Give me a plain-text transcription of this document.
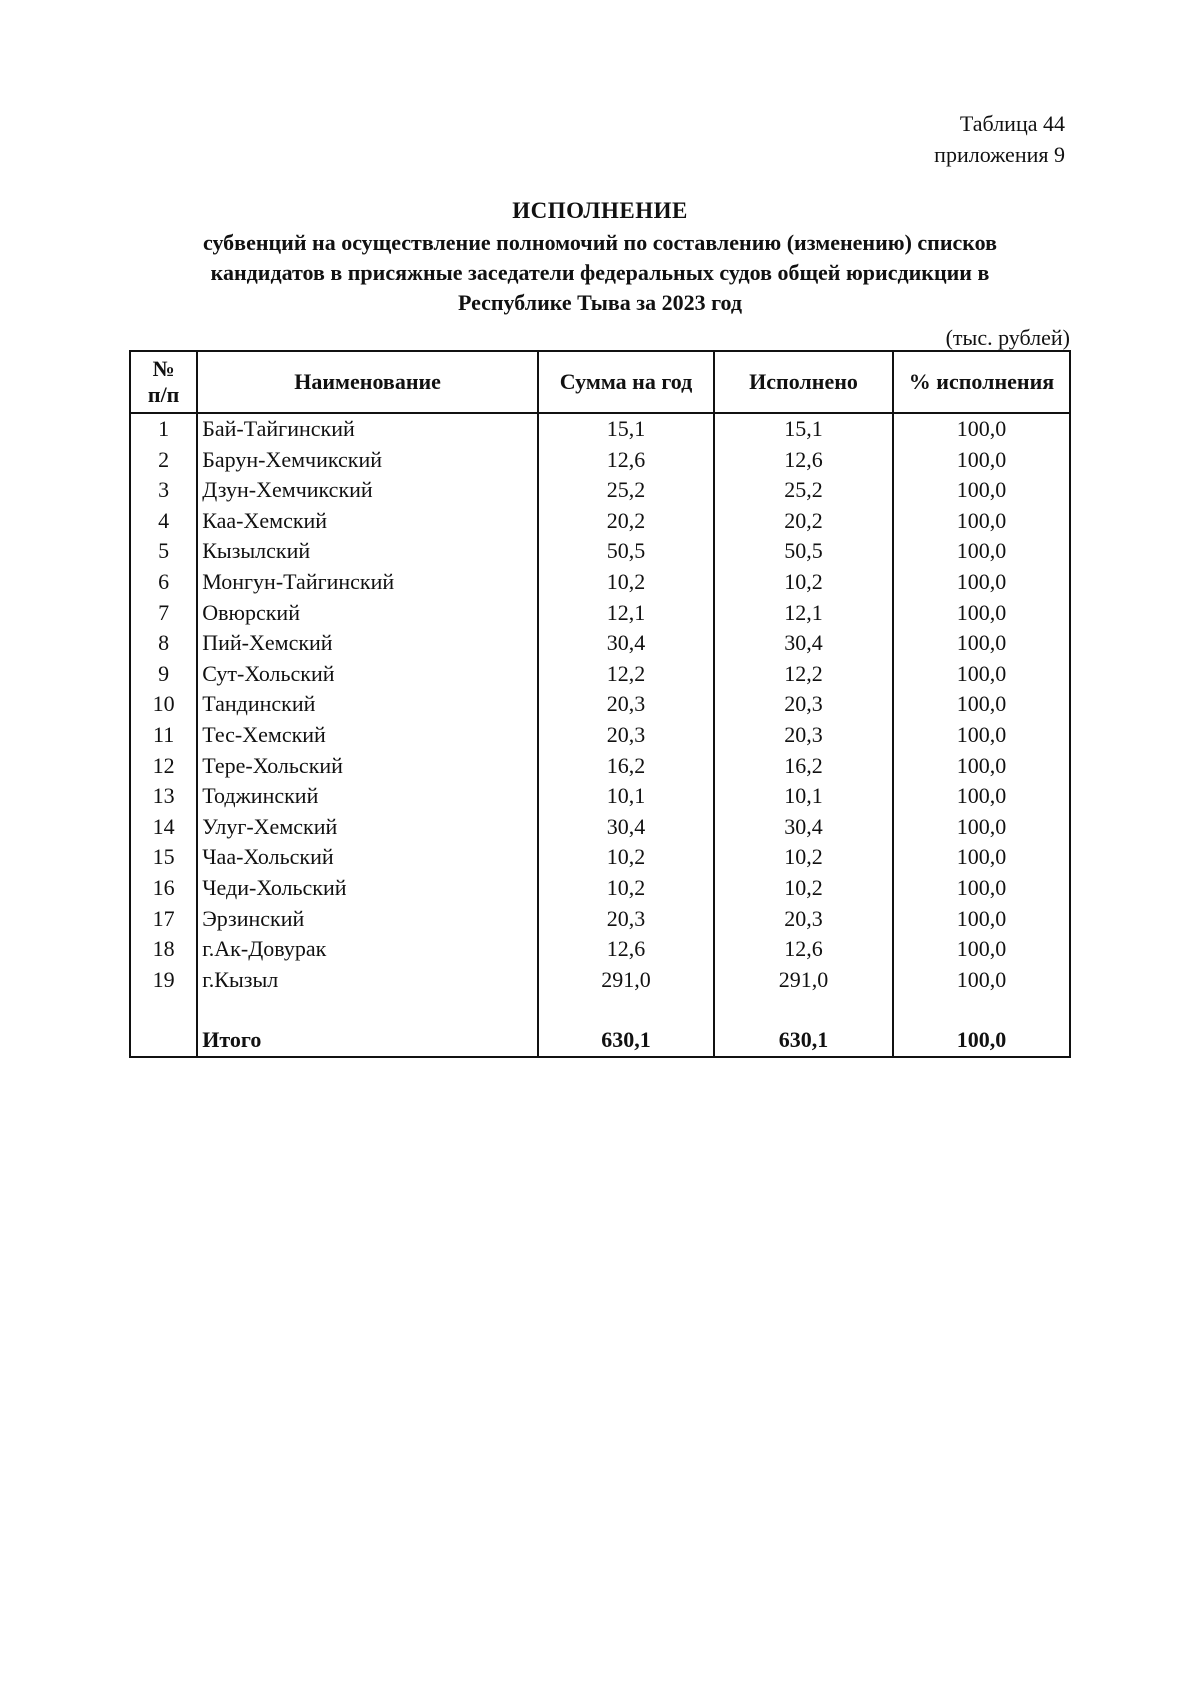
Таблица 44
приложения 9
ИСПОЛНЕНИЕ
субвенций на осуществление полномочий по составлению (изменению) списков
кандидатов в присяжные заседатели федеральных судов общей юрисдикции в
Республике Тыва за 2023 год
(тыс. рублей)
№
п/п	Наименование	Сумма на год	Исполнено	% исполнения
1	Бай-Тайгинский	15,1	15,1	100,0
2	Барун-Хемчикский	12,6	12,6	100,0
3	Дзун-Хемчикский	25,2	25,2	100,0
4	Каа-Хемский	20,2	20,2	100,0
5	Кызылский	50,5	50,5	100,0
6	Монгун-Тайгинский	10,2	10,2	100,0
7	Овюрский	12,1	12,1	100,0
8	Пий-Хемский	30,4	30,4	100,0
9	Сут-Хольский	12,2	12,2	100,0
10	Тандинский	20,3	20,3	100,0
11	Тес-Хемский	20,3	20,3	100,0
12	Тере-Хольский	16,2	16,2	100,0
13	Тоджинский	10,1	10,1	100,0
14	Улуг-Хемский	30,4	30,4	100,0
15	Чаа-Хольский	10,2	10,2	100,0
16	Чеди-Хольский	10,2	10,2	100,0
17	Эрзинский	20,3	20,3	100,0
18	г.Ак-Довурак	12,6	12,6	100,0
19	г.Кызыл	291,0	291,0	100,0

	Итого	630,1	630,1	100,0
